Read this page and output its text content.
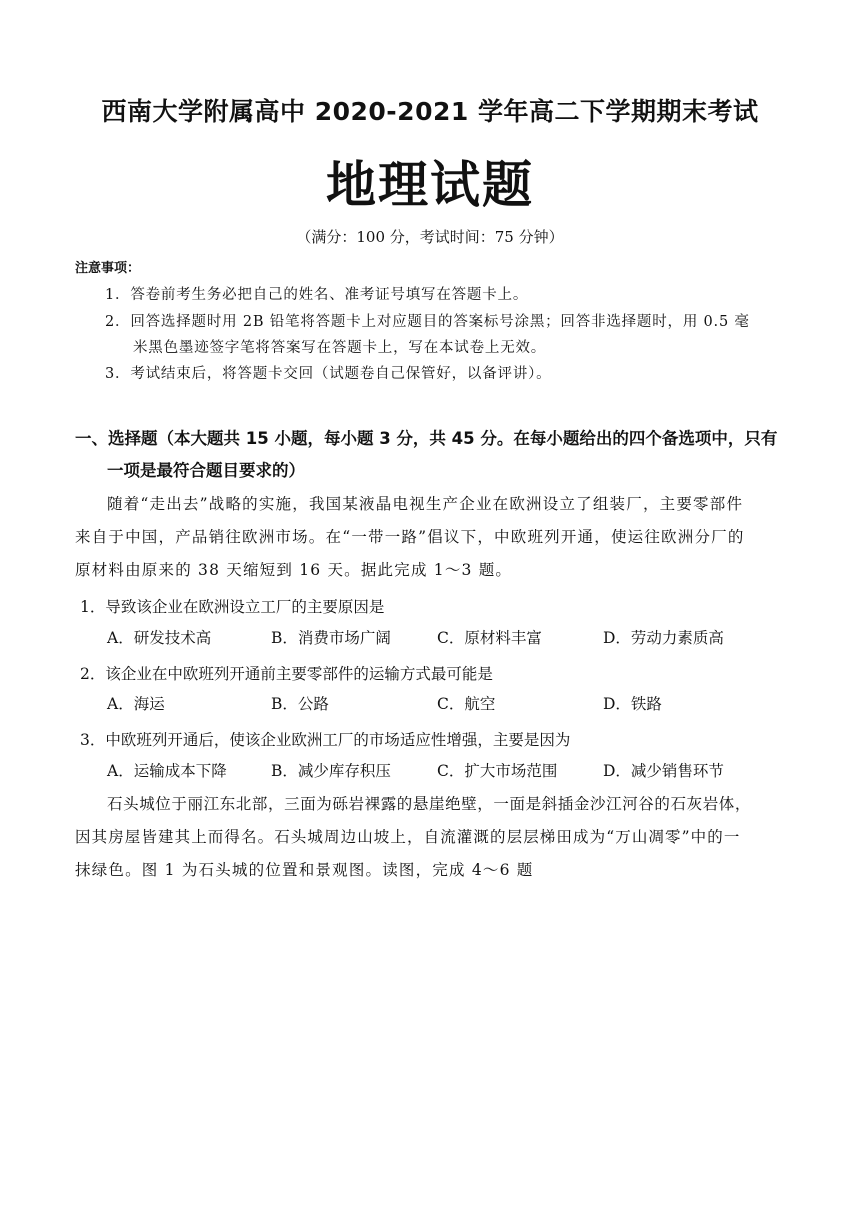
西南大学附属高中 2020-2021 学年高二下学期期末考试
地理试题
（满分：100 分，考试时间：75 分钟）
注意事项：
1．答卷前考生务必把自己的姓名、准考证号填写在答题卡上。
2．回答选择题时用 2B 铅笔将答题卡上对应题目的答案标号涂黑；回答非选择题时，用 0.5 毫
米黑色墨迹签字笔将答案写在答题卡上，写在本试卷上无效。
3．考试结束后，将答题卡交回（试题卷自己保管好，以备评讲）。
一、选择题（本大题共 15 小题，每小题 3 分，共 45 分。在每小题给出的四个备选项中，只有
一项是最符合题目要求的）
随着“走出去”战略的实施，我国某液晶电视生产企业在欧洲设立了组装厂，主要零部件
来自于中国，产品销往欧洲市场。在“一带一路”倡议下，中欧班列开通，使运往欧洲分厂的
原材料由原来的 38 天缩短到 16 天。据此完成 1～3 题。
1．导致该企业在欧洲设立工厂的主要原因是
A．研发技术高	B．消费市场广阔	C．原材料丰富	D．劳动力素质高
2．该企业在中欧班列开通前主要零部件的运输方式最可能是
A．海运	B．公路	C．航空	D．铁路
3．中欧班列开通后，使该企业欧洲工厂的市场适应性增强，主要是因为
A．运输成本下降	B．减少库存积压	C．扩大市场范围	D．减少销售环节
石头城位于丽江东北部，三面为砾岩裸露的悬崖绝壁，一面是斜插金沙江河谷的石灰岩体，
因其房屋皆建其上而得名。石头城周边山坡上，自流灌溉的层层梯田成为“万山凋零”中的一
抹绿色。图 1 为石头城的位置和景观图。读图，完成 4～6 题
